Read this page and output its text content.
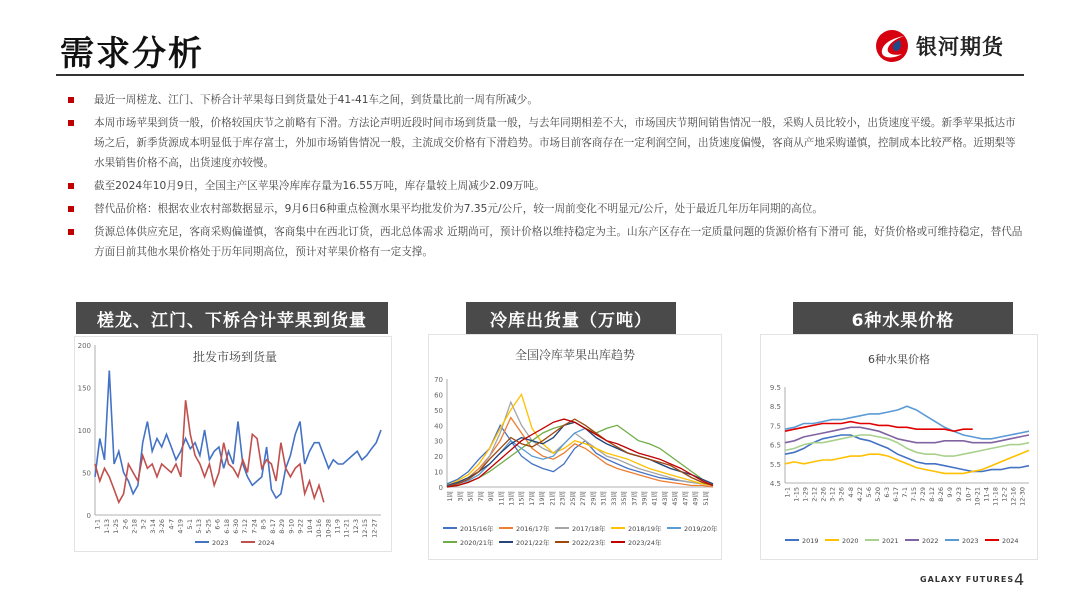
需求分析	银河期货
最近一周槎龙、江门、下桥合计苹果每日到货量处于41-41车之间，到货量比前一周有所减少。
本周市场苹果到货一般，价格较国庆节之前略有下滑。方法论声明近段时间市场到货量一般，与去年同期相差不大，市场国庆节期间销售情况一般，采购人员比较小，出货速度平缓。新季苹果抵达市场之后，新季货源成本明显低于库存富士，外加市场销售情况一般，主流成交价格有下滑趋势。市场目前客商存在一定利润空间，出货速度偏慢，客商从产地采购谨慎，控制成本比较严格。近期梨等水果销售价格不高，出货速度亦较慢。
截至2024年10月9日，全国主产区苹果冷库库存量为16.55万吨，库存量较上周减少2.09万吨。
替代品价格：根据农业农村部数据显示，9月6日6种重点检测水果平均批发价为7.35元/公斤，较一周前变化不明显元/公斤，处于最近几年历年同期的高位。
货源总体供应充足，客商采购偏谨慎，客商集中在西北订货，西北总体需求 近期尚可，预计价格以维持稳定为主。山东产区存在一定质量问题的货源价格有下滑可 能，好货价格或可维持稳定，替代品方面目前其他水果价格处于历年同期高位，预计对苹果价格有一定支撑。
槎龙、江门、下桥合计苹果到货量	冷库出货量（万吨）	6种水果价格
批发市场到货量
0
50
100
150
200
1-1 1-13 1-25 2-6 2-18 3-2 3-14 3-26 4-7 4-19 5-1 5-13 5-25 6-6 6-18 6-30 7-12 7-24 8-5 8-17 8-29 9-10 9-22 10-4 10-16 10-28 11-9 11-21 12-3 12-15 12-27
2023	2024
全国冷库苹果出库趋势
0
10
20
30
40
50
60
70
1周 3周 5周 7周 9周 11周 13周 15周 17周 19周 21周 23周 25周 27周 29周 31周 33周 35周 37周 39周 41周 43周 45周 47周 49周 51周
2015/16年	2016/17年	2017/18年	2018/19年	2019/20年
2020/21年	2021/22年	2022/23年	2023/24年
6种水果价格
4.5
5.5
6.5
7.5
8.5
9.5
1-1 1-15 1-29 2-12 2-26 3-12 3-26 4-8 4-22 5-6 5-20 6-3 6-17 7-1 7-15 7-29 8-12 8-26 9-9 9-23 10-7 10-21 11-4 11-18 12-2 12-16 12-30
2019	2020	2021	2022	2023	2024
GALAXY FUTURES 4
